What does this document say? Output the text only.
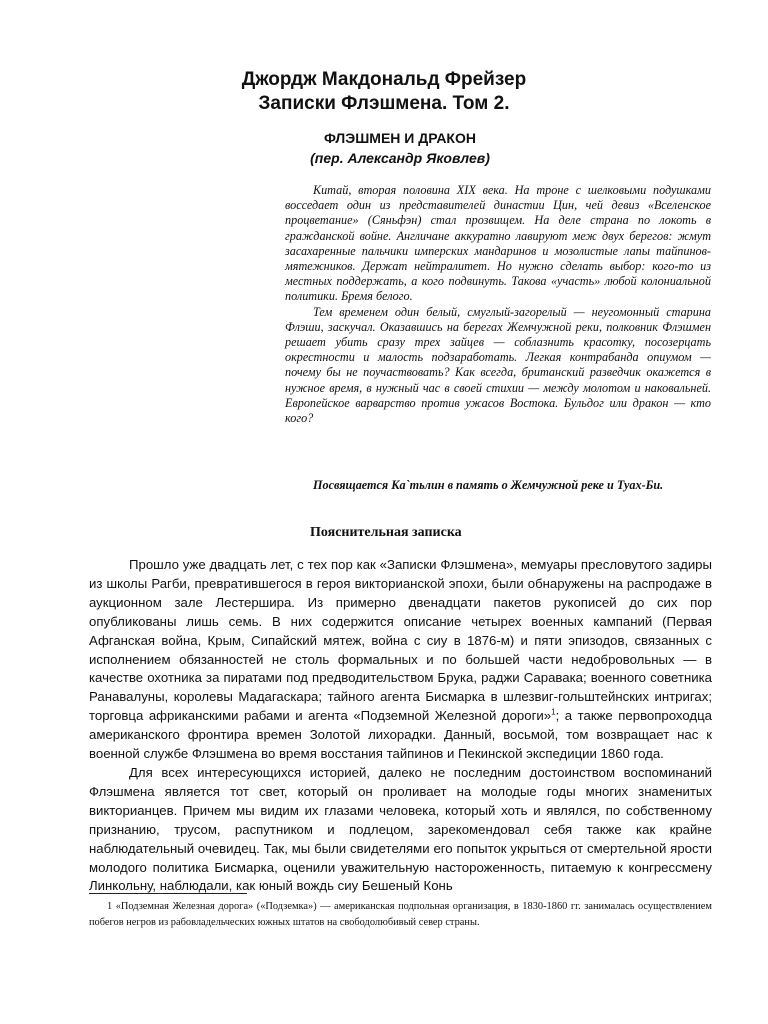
Джордж Макдональд Фрейзер
Записки Флэшмена. Том 2.
ФЛЭШМЕН И ДРАКОН
(пер. Александр Яковлев)

Китай, вторая половина XIX века. На троне с шелковыми подушками восседает один из представителей династии Цин, чей девиз «Вселенское процветание» (Сяньфэн) стал прозвищем. На деле страна по локоть в гражданской войне. Англичане аккуратно лавируют меж двух берегов: жмут засахаренные пальчики имперских мандаринов и мозолистые лапы тайпинов-мятежников. Держат нейтралитет. Но нужно сделать выбор: кого-то из местных поддержать, а кого подвинуть. Такова «участь» любой колониальной политики. Бремя белого.

Тем временем один белый, смуглый-загорелый — неугомонный старина Флэши, заскучал. Оказавшись на берегах Жемчужной реки, полковник Флэшмен решает убить сразу трех зайцев — соблазнить красотку, посозерцать окрестности и малость подзаработать. Легкая контрабанда опиумом — почему бы не поучаствовать? Как всегда, британский разведчик окажется в нужное время, в нужный час в своей стихии — между молотом и наковальней. Европейское варварство против ужасов Востока. Бульдог или дракон — кто кого?

Посвящается Ка`тьлин в память о Жемчужной реке и Туах-Би.

Пояснительная записка

Прошло уже двадцать лет, с тех пор как «Записки Флэшмена», мемуары пресловутого задиры из школы Рагби, превратившегося в героя викторианской эпохи, были обнаружены на распродаже в аукционном зале Лестершира. Из примерно двенадцати пакетов рукописей до сих пор опубликованы лишь семь. В них содержится описание четырех военных кампаний (Первая Афганская война, Крым, Сипайский мятеж, война с сиу в 1876-м) и пяти эпизодов, связанных с исполнением обязанностей не столь формальных и по большей части недобровольных — в качестве охотника за пиратами под предводительством Брука, раджи Саравака; военного советника Ранавалуны, королевы Мадагаскара; тайного агента Бисмарка в шлезвиг-гольштейнских интригах; торговца африканскими рабами и агента «Подземной Железной дороги»$^1$; а также первопроходца американского фронтира времен Золотой лихорадки. Данный, восьмой, том возвращает нас к военной службе Флэшмена во время восстания тайпинов и Пекинской экспедиции 1860 года.

Для всех интересующихся историей, далеко не последним достоинством воспоминаний Флэшмена является тот свет, который он проливает на молодые годы многих знаменитых викторианцев. Причем мы видим их глазами человека, который хоть и являлся, по собственному признанию, трусом, распутником и подлецом, зарекомендовал себя также как крайне наблюдательный очевидец. Так, мы были свидетелями его попыток укрыться от смертельной ярости молодого политика Бисмарка, оценили уважительную настороженность, питаемую к конгрессмену Линкольну, наблюдали, как юный вождь сиу Бешеный Конь

1 «Подземная Железная дорога» («Подземка») — американская подпольная организация, в 1830-1860 гг. занималась осуществлением побегов негров из рабовладельческих южных штатов на свободолюбивый север страны.
